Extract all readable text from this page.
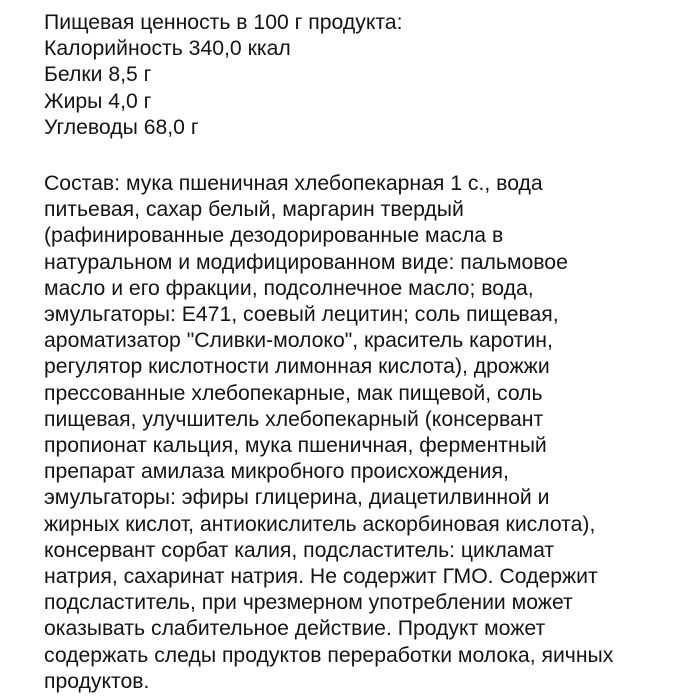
Пищевая ценность в 100 г продукта:
Калорийность 340,0 ккал
Белки 8,5 г
Жиры 4,0 г
Углеводы 68,0 г
Состав: мука пшеничная хлебопекарная 1 с., вода
питьевая, сахар белый, маргарин твердый
(рафинированные дезодорированные масла в
натуральном и модифицированном виде: пальмовое
масло и его фракции, подсолнечное масло; вода,
эмульгаторы: Е471, соевый лецитин; соль пищевая,
ароматизатор "Сливки-молоко", краситель каротин,
регулятор кислотности лимонная кислота), дрожжи
прессованные хлебопекарные, мак пищевой, соль
пищевая, улучшитель хлебопекарный (консервант
пропионат кальция, мука пшеничная, ферментный
препарат амилаза микробного происхождения,
эмульгаторы: эфиры глицерина, диацетилвинной и
жирных кислот, антиокислитель аскорбиновая кислота),
консервант сорбат калия, подсластитель: цикламат
натрия, сахаринат натрия. Не содержит ГМО. Содержит
подсластитель, при чрезмерном употреблении может
оказывать слабительное действие. Продукт может
содержать следы продуктов переработки молока, яичных
продуктов.
